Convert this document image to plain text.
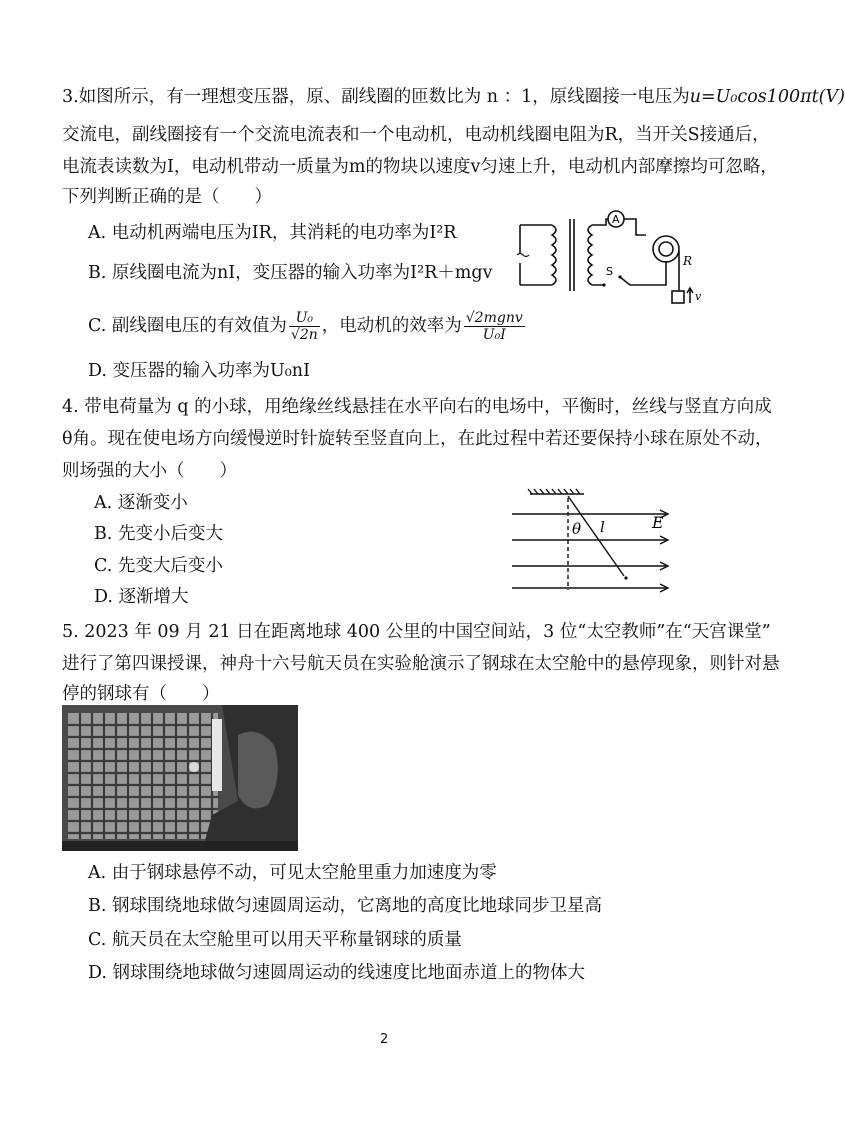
3.如图所示，有一理想变压器，原、副线圈的匝数比为 n ：1，原线圈接一电压为u=U₀cos100πt(V)
交流电，副线圈接有一个交流电流表和一个电动机，电动机线圈电阻为R，当开关S接通后，
电流表读数为I，电动机带动一质量为m的物块以速度v匀速上升，电动机内部摩擦均可忽略，
下列判断正确的是（　　）
A. 电动机两端电压为IR，其消耗的电功率为I²R
B. 原线圈电流为nI，变压器的输入功率为I²R＋mgv
C. 副线圈电压的有效值为 $\frac{\text{U₀}}{√2n}$ ，电动机的效率为 $\frac{\text{√2mgnv}}{\text{U₀I}}$
D. 变压器的输入功率为U₀nI
A
R
S
v
4. 带电荷量为 q 的小球，用绝缘丝线悬挂在水平向右的电场中，平衡时，丝线与竖直方向成
θ角。现在使电场方向缓慢逆时针旋转至竖直向上，在此过程中若还要保持小球在原处不动，
则场强的大小（　　）
A. 逐渐变小
B. 先变小后变大
C. 先变大后变小
D. 逐渐增大
θ l	E
5. 2023 年 09 月 21 日在距离地球 400 公里的中国空间站，3 位“太空教师”在“天宫课堂”
进行了第四课授课，神舟十六号航天员在实验舱演示了钢球在太空舱中的悬停现象，则针对悬
停的钢球有（　　）
A. 由于钢球悬停不动，可见太空舱里重力加速度为零
B. 钢球围绕地球做匀速圆周运动，它离地的高度比地球同步卫星高
C. 航天员在太空舱里可以用天平称量钢球的质量
D. 钢球围绕地球做匀速圆周运动的线速度比地面赤道上的物体大
2
